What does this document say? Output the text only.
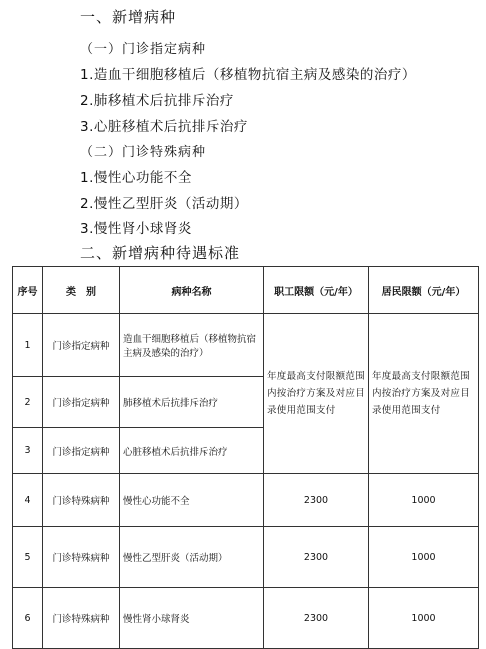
一、新增病种
（一）门诊指定病种
1.造血干细胞移植后（移植物抗宿主病及感染的治疗）
2.肺移植术后抗排斥治疗
3.心脏移植术后抗排斥治疗
（二）门诊特殊病种
1.慢性心功能不全
2.慢性乙型肝炎（活动期）
3.慢性肾小球肾炎
二、新增病种待遇标准
序号	类　别	病种名称	职工限额（元/年）	居民限额（元/年）
1	门诊指定病种	造血干细胞移植后（移植物抗宿主病及感染的治疗）	年度最高支付限额范围内按治疗方案及对应目录使用范围支付	年度最高支付限额范围内按治疗方案及对应目录使用范围支付
2	门诊指定病种	肺移植术后抗排斥治疗		
3	门诊指定病种	心脏移植术后抗排斥治疗		
4	门诊特殊病种	慢性心功能不全	2300	1000
5	门诊特殊病种	慢性乙型肝炎（活动期）	2300	1000
6	门诊特殊病种	慢性肾小球肾炎	2300	1000
